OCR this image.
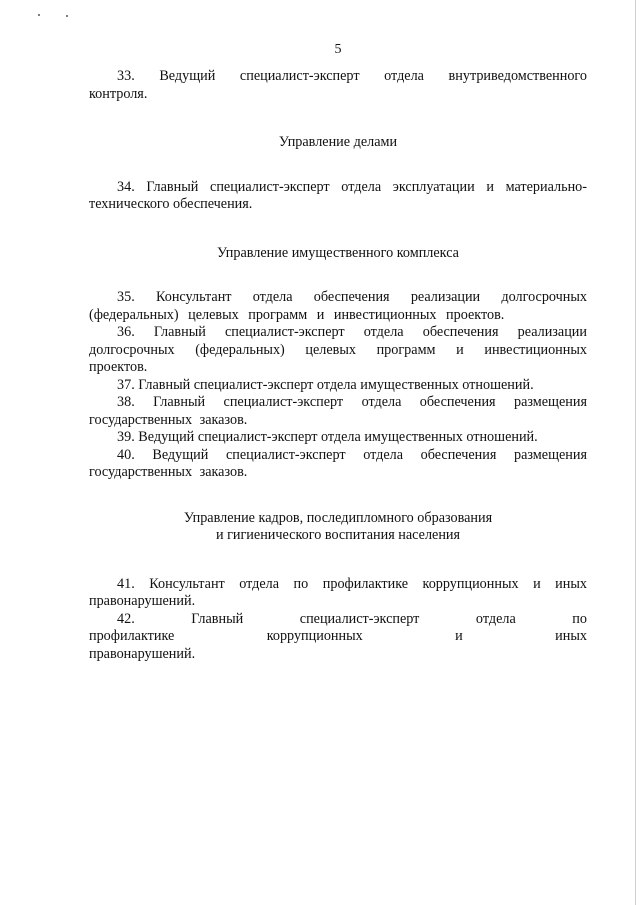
5

33. Ведущий специалист-эксперт отдела внутриведомственного контроля.

Управление делами

34. Главный специалист-эксперт отдела эксплуатации и материально-технического обеспечения.

Управление имущественного комплекса

35. Консультант отдела обеспечения реализации долгосрочных (федеральных) целевых программ и инвестиционных проектов.

36. Главный специалист-эксперт отдела обеспечения реализации долгосрочных (федеральных) целевых программ и инвестиционных проектов.

37. Главный специалист-эксперт отдела имущественных отношений.

38. Главный специалист-эксперт отдела обеспечения размещения государственных заказов.

39. Ведущий специалист-эксперт отдела имущественных отношений.

40. Ведущий специалист-эксперт отдела обеспечения размещения государственных заказов.

Управление кадров, последипломного образования

и гигиенического воспитания населения

41. Консультант отдела по профилактике коррупционных и иных правонарушений.

42. Главный специалист-эксперт отдела по профилактике коррупционных и иных правонарушений.
